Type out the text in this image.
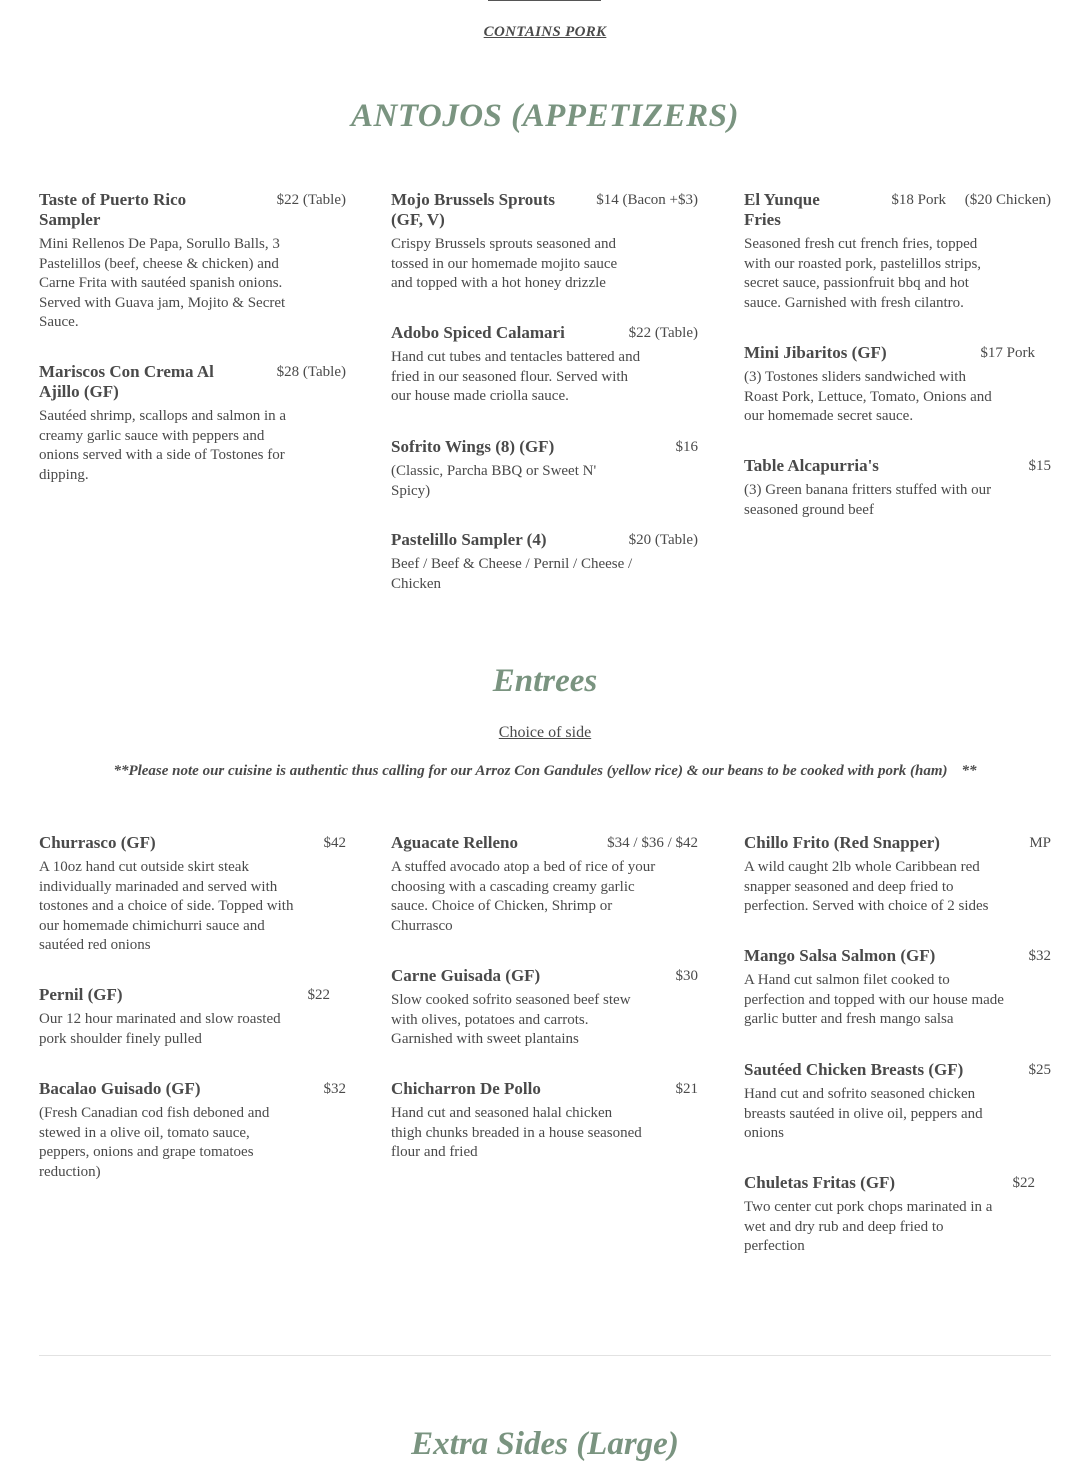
CONTAINS PORK
ANTOJOS (APPETIZERS)
Taste of Puerto Rico Sampler
$22 (Table)
Mini Rellenos De Papa, Sorullo Balls, 3 Pastelillos (beef, cheese & chicken) and Carne Frita with sautéed spanish onions. Served with Guava jam, Mojito & Secret Sauce.
Mariscos Con Crema Al Ajillo (GF)
$28 (Table)
Sautéed shrimp, scallops and salmon in a creamy garlic sauce with peppers and onions served with a side of Tostones for dipping.
Mojo Brussels Sprouts (GF, V)
$14 (Bacon +$3)
Crispy Brussels sprouts seasoned and tossed in our homemade mojito sauce and topped with a hot honey drizzle
Adobo Spiced Calamari	$22 (Table)
Hand cut tubes and tentacles battered and fried in our seasoned flour. Served with our house made criolla sauce.
Sofrito Wings (8) (GF)	$16
(Classic, Parcha BBQ or Sweet N' Spicy)
Pastelillo Sampler (4)	$20 (Table)
Beef / Beef & Cheese / Pernil / Cheese / Chicken
El Yunque Fries
$18 Pork     ($20 Chicken)
Seasoned fresh cut french fries, topped with our roasted pork, pastelillos strips, secret sauce, passionfruit bbq and hot sauce. Garnished with fresh cilantro.
Mini Jibaritos (GF)	$17 Pork
(3) Tostones sliders sandwiched with Roast Pork, Lettuce, Tomato, Onions and our homemade secret sauce.
Table Alcapurria's	$15
(3) Green banana fritters stuffed with our seasoned ground beef
Entrees
Choice of side
**Please note our cuisine is authentic thus calling for our Arroz Con Gandules (yellow rice) & our beans to be cooked with pork (ham) **
Churrasco (GF)	$42
A 10oz hand cut outside skirt steak individually marinaded and served with tostones and a choice of side. Topped with our homemade chimichurri sauce and sautéed red onions
Pernil (GF)	$22
Our 12 hour marinated and slow roasted pork shoulder finely pulled
Bacalao Guisado (GF)	$32
(Fresh Canadian cod fish deboned and stewed in a olive oil, tomato sauce, peppers, onions and grape tomatoes reduction)
Aguacate Relleno	$34 / $36 / $42
A stuffed avocado atop a bed of rice of your choosing with a cascading creamy garlic sauce. Choice of Chicken, Shrimp or Churrasco
Carne Guisada (GF)	$30
Slow cooked sofrito seasoned beef stew with olives, potatoes and carrots. Garnished with sweet plantains
Chicharron De Pollo	$21
Hand cut and seasoned halal chicken thigh chunks breaded in a house seasoned flour and fried
Chillo Frito (Red Snapper)	MP
A wild caught 2lb whole Caribbean red snapper seasoned and deep fried to perfection. Served with choice of 2 sides
Mango Salsa Salmon (GF)	$32
A Hand cut salmon filet cooked to perfection and topped with our house made garlic butter and fresh mango salsa
Sautéed Chicken Breasts (GF)	$25
Hand cut and sofrito seasoned chicken breasts sautéed in olive oil, peppers and onions
Chuletas Fritas (GF)	$22
Two center cut pork chops marinated in a wet and dry rub and deep fried to perfection
Extra Sides (Large)
